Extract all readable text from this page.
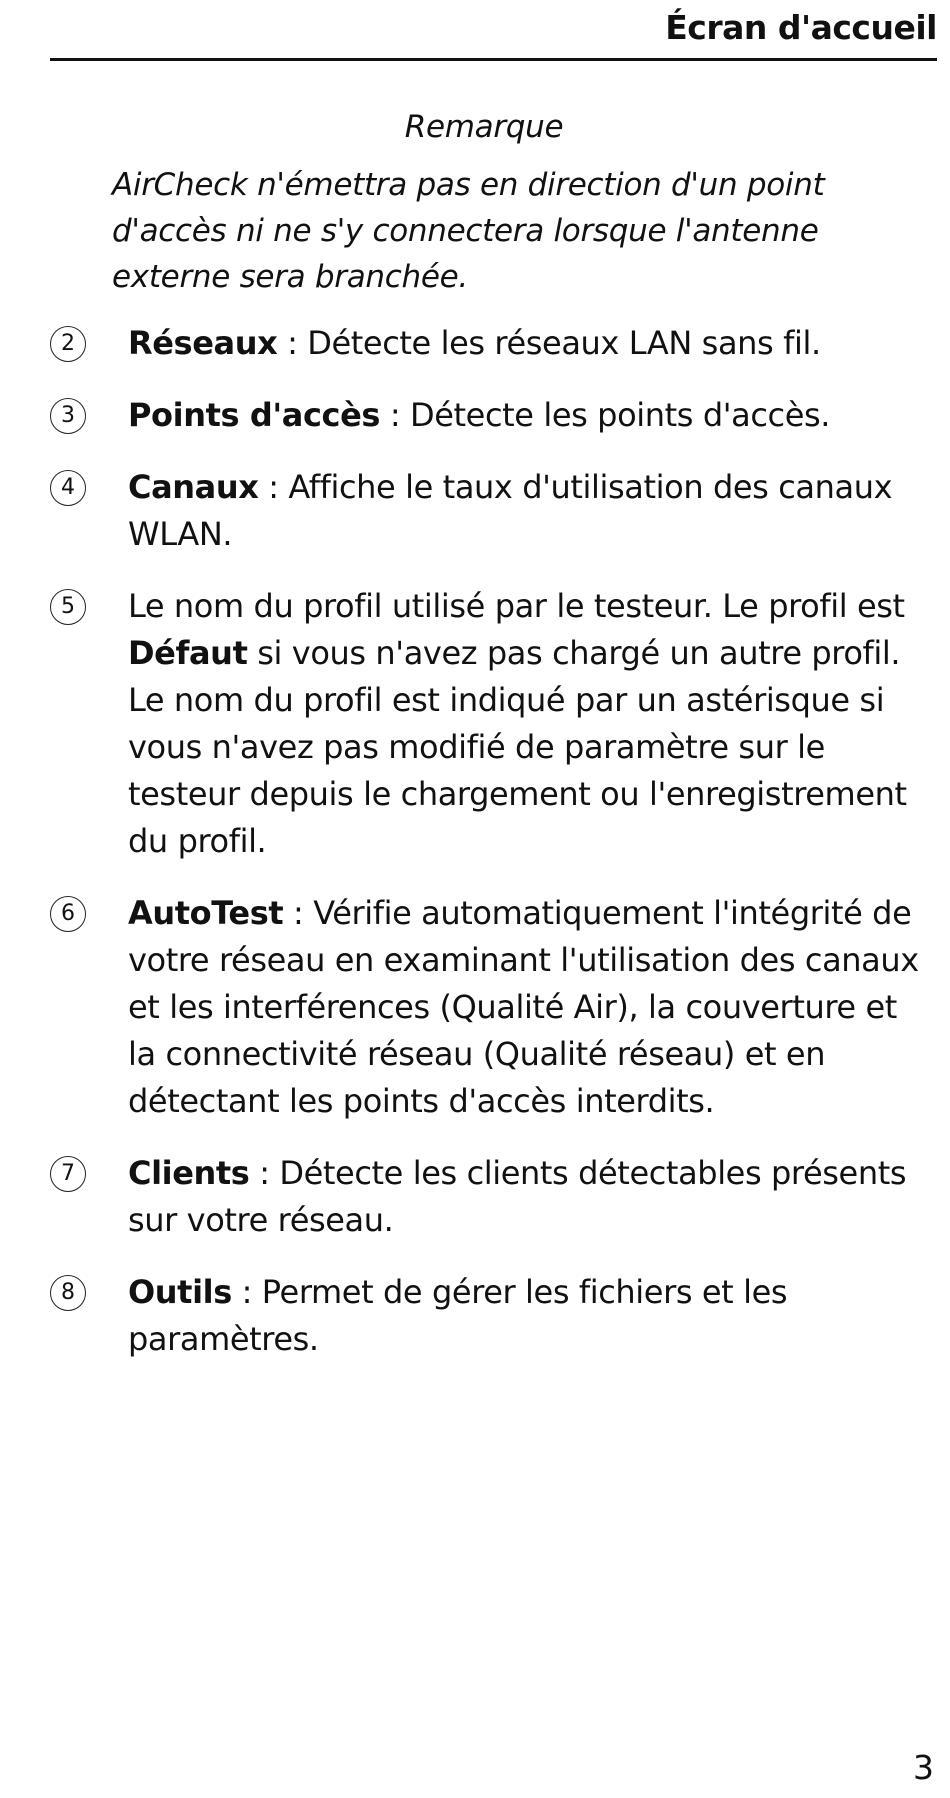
Écran d'accueil
Remarque
AirCheck n'émettra pas en direction d'un point d'accès ni ne s'y connectera lorsque l'antenne externe sera branchée.
2	Réseaux : Détecte les réseaux LAN sans fil.
3	Points d'accès : Détecte les points d'accès.
4	Canaux : Affiche le taux d'utilisation des canaux WLAN.
5	Le nom du profil utilisé par le testeur. Le profil est Défaut si vous n'avez pas chargé un autre profil. Le nom du profil est indiqué par un astérisque si vous n'avez pas modifié de paramètre sur le testeur depuis le chargement ou l'enregistrement du profil.
6	AutoTest : Vérifie automatiquement l'intégrité de votre réseau en examinant l'utilisation des canaux et les interférences (Qualité Air), la couverture et la connectivité réseau (Qualité réseau) et en détectant les points d'accès interdits.
7	Clients : Détecte les clients détectables présents sur votre réseau.
8	Outils : Permet de gérer les fichiers et les paramètres.
3
